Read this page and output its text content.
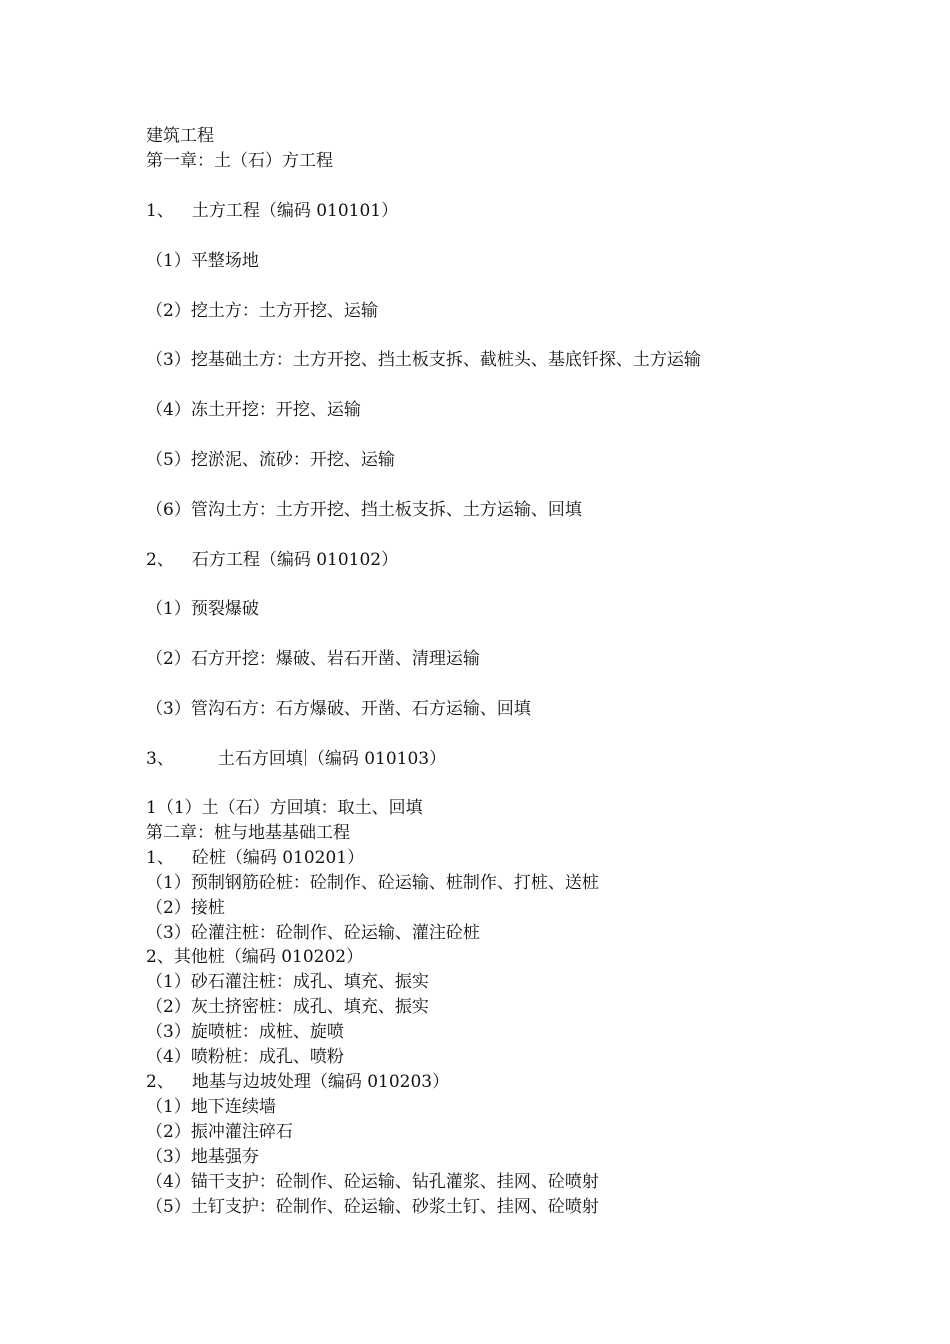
建筑工程
第一章：土（石）方工程
1、 土方工程（编码 010101）
（1）平整场地
（2）挖土方：土方开挖、运输
（3）挖基础土方：土方开挖、挡土板支拆、截桩头、基底钎探、土方运输
（4）冻土开挖：开挖、运输
（5）挖淤泥、流砂：开挖、运输
（6）管沟土方：土方开挖、挡土板支拆、土方运输、回填
2、 石方工程（编码 010102）
（1）预裂爆破
（2）石方开挖：爆破、岩石开凿、清理运输
（3）管沟石方：石方爆破、开凿、石方运输、回填
3、	土石方回填 （编码 010103）
1（1）土（石）方回填：取土、回填
第二章：桩与地基基础工程
1、 砼桩（编码 010201）
（1）预制钢筋砼桩：砼制作、砼运输、桩制作、打桩、送桩
（2）接桩
（3）砼灌注桩：砼制作、砼运输、灌注砼桩
2、其他桩（编码 010202）
（1）砂石灌注桩：成孔、填充、振实
（2）灰土挤密桩：成孔、填充、振实
（3）旋喷桩：成桩、旋喷
（4）喷粉桩：成孔、喷粉
2、 地基与边坡处理（编码 010203）
（1）地下连续墙
（2）振冲灌注碎石
（3）地基强夯
（4）锚干支护：砼制作、砼运输、钻孔灌浆、挂网、砼喷射
（5）土钉支护：砼制作、砼运输、砂浆土钉、挂网、砼喷射
